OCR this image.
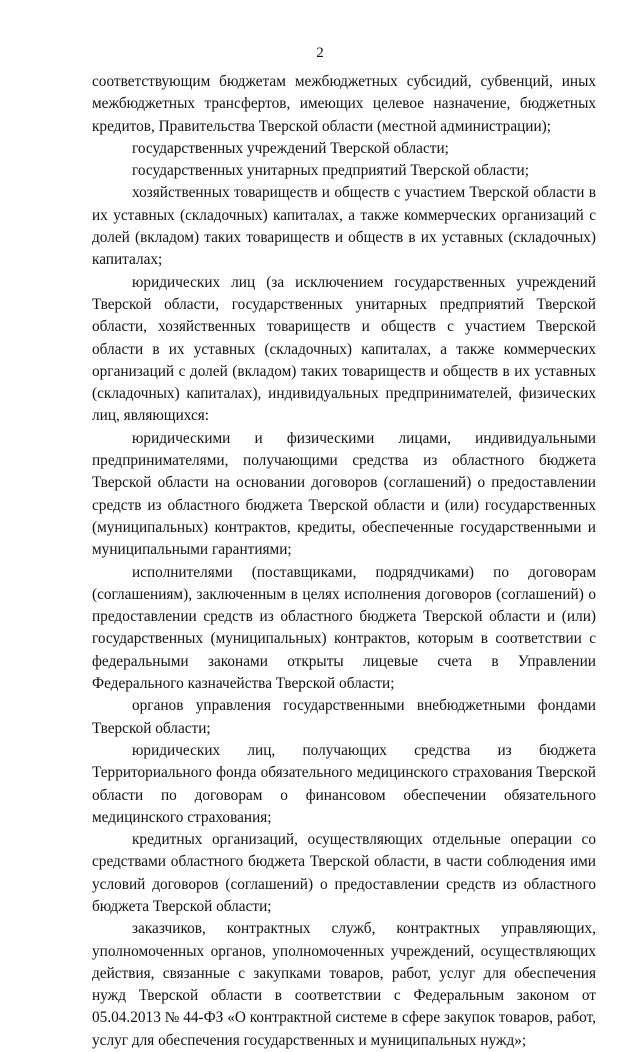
2

соответствующим бюджетам межбюджетных субсидий, субвенций, иных межбюджетных трансфертов, имеющих целевое назначение, бюджетных кредитов, Правительства Тверской области (местной администрации);

государственных учреждений Тверской области;

государственных унитарных предприятий Тверской области;

хозяйственных товариществ и обществ с участием Тверской области в их уставных (складочных) капиталах, а также коммерческих организаций с долей (вкладом) таких товариществ и обществ в их уставных (складочных) капиталах;

юридических лиц (за исключением государственных учреждений Тверской области, государственных унитарных предприятий Тверской области, хозяйственных товариществ и обществ с участием Тверской области в их уставных (складочных) капиталах, а также коммерческих организаций с долей (вкладом) таких товариществ и обществ в их уставных (складочных) капиталах), индивидуальных предпринимателей, физических лиц, являющихся:

юридическими и физическими лицами, индивидуальными предпринимателями, получающими средства из областного бюджета Тверской области на основании договоров (соглашений) о предоставлении средств из областного бюджета Тверской области и (или) государственных (муниципальных) контрактов, кредиты, обеспеченные государственными и муниципальными гарантиями;

исполнителями (поставщиками, подрядчиками) по договорам (соглашениям), заключенным в целях исполнения договоров (соглашений) о предоставлении средств из областного бюджета Тверской области и (или) государственных (муниципальных) контрактов, которым в соответствии с федеральными законами открыты лицевые счета в Управлении Федерального казначейства Тверской области;

органов управления государственными внебюджетными фондами Тверской области;

юридических лиц, получающих средства из бюджета Территориального фонда обязательного медицинского страхования Тверской области по договорам о финансовом обеспечении обязательного медицинского страхования;

кредитных организаций, осуществляющих отдельные операции со средствами областного бюджета Тверской области, в части соблюдения ими условий договоров (соглашений) о предоставлении средств из областного бюджета Тверской области;

заказчиков, контрактных служб, контрактных управляющих, уполномоченных органов, уполномоченных учреждений, осуществляющих действия, связанные с закупками товаров, работ, услуг для обеспечения нужд Тверской области в соответствии с Федеральным законом от 05.04.2013 № 44-ФЗ «О контрактной системе в сфере закупок товаров, работ, услуг для обеспечения государственных и муниципальных нужд»;
